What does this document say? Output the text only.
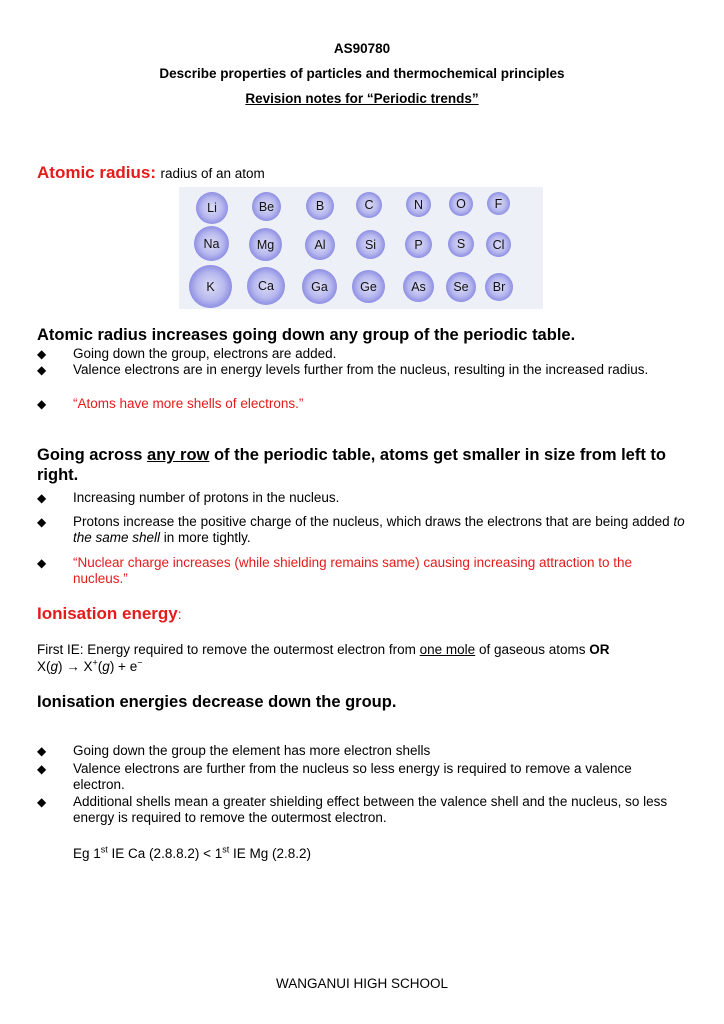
AS90780
Describe properties of particles and thermochemical principles
Revision notes for “Periodic trends”
Atomic radius: radius of an atom
Li	Be	B	C	N	O	F
Na	Mg	Al	Si	P	S	Cl
K	Ca	Ga	Ge	As	Se	Br
Atomic radius increases going down any group of the periodic table.
◆ Going down the group, electrons are added.
◆ Valence electrons are in energy levels further from the nucleus, resulting in the increased radius.
◆ “Atoms have more shells of electrons.”
Going across any row of the periodic table, atoms get smaller in size from left to right.
◆ Increasing number of protons in the nucleus.
◆ Protons increase the positive charge of the nucleus, which draws the electrons that are being added to the same shell in more tightly.
◆ “Nuclear charge increases (while shielding remains same) causing increasing attraction to the nucleus.”
Ionisation energy:
First IE: Energy required to remove the outermost electron from one mole of gaseous atoms OR
X(g) → X+(g) + e−
Ionisation energies decrease down the group.
◆ Going down the group the element has more electron shells
◆ Valence electrons are further from the nucleus so less energy is required to remove a valence electron.
◆ Additional shells mean a greater shielding effect between the valence shell and the nucleus, so less energy is required to remove the outermost electron.
Eg 1st IE Ca (2.8.8.2) < 1st IE Mg (2.8.2)
WANGANUI HIGH SCHOOL
